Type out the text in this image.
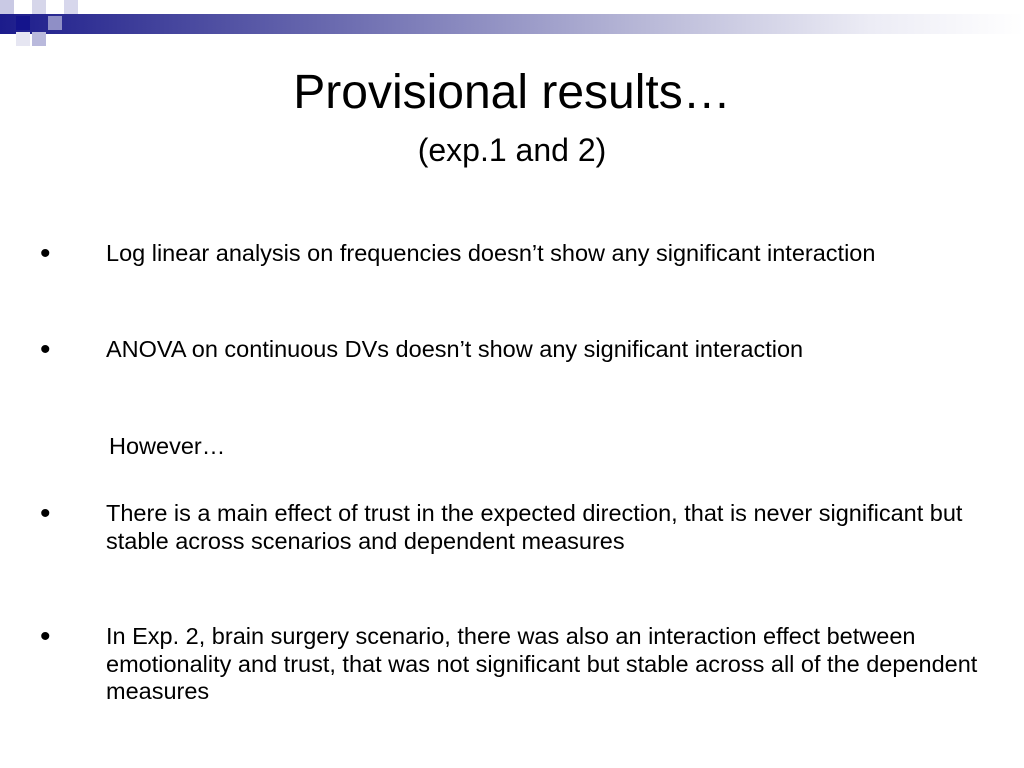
Provisional results…
(exp.1 and 2)
• Log linear analysis on frequencies doesn’t show any significant interaction
• ANOVA on continuous DVs doesn’t show any significant interaction
However…
• There is a main effect of trust in the expected direction, that is never significant but stable across scenarios and dependent measures
• In Exp. 2, brain surgery scenario, there was also an interaction effect between emotionality and trust, that was not significant but stable across all of the dependent measures
